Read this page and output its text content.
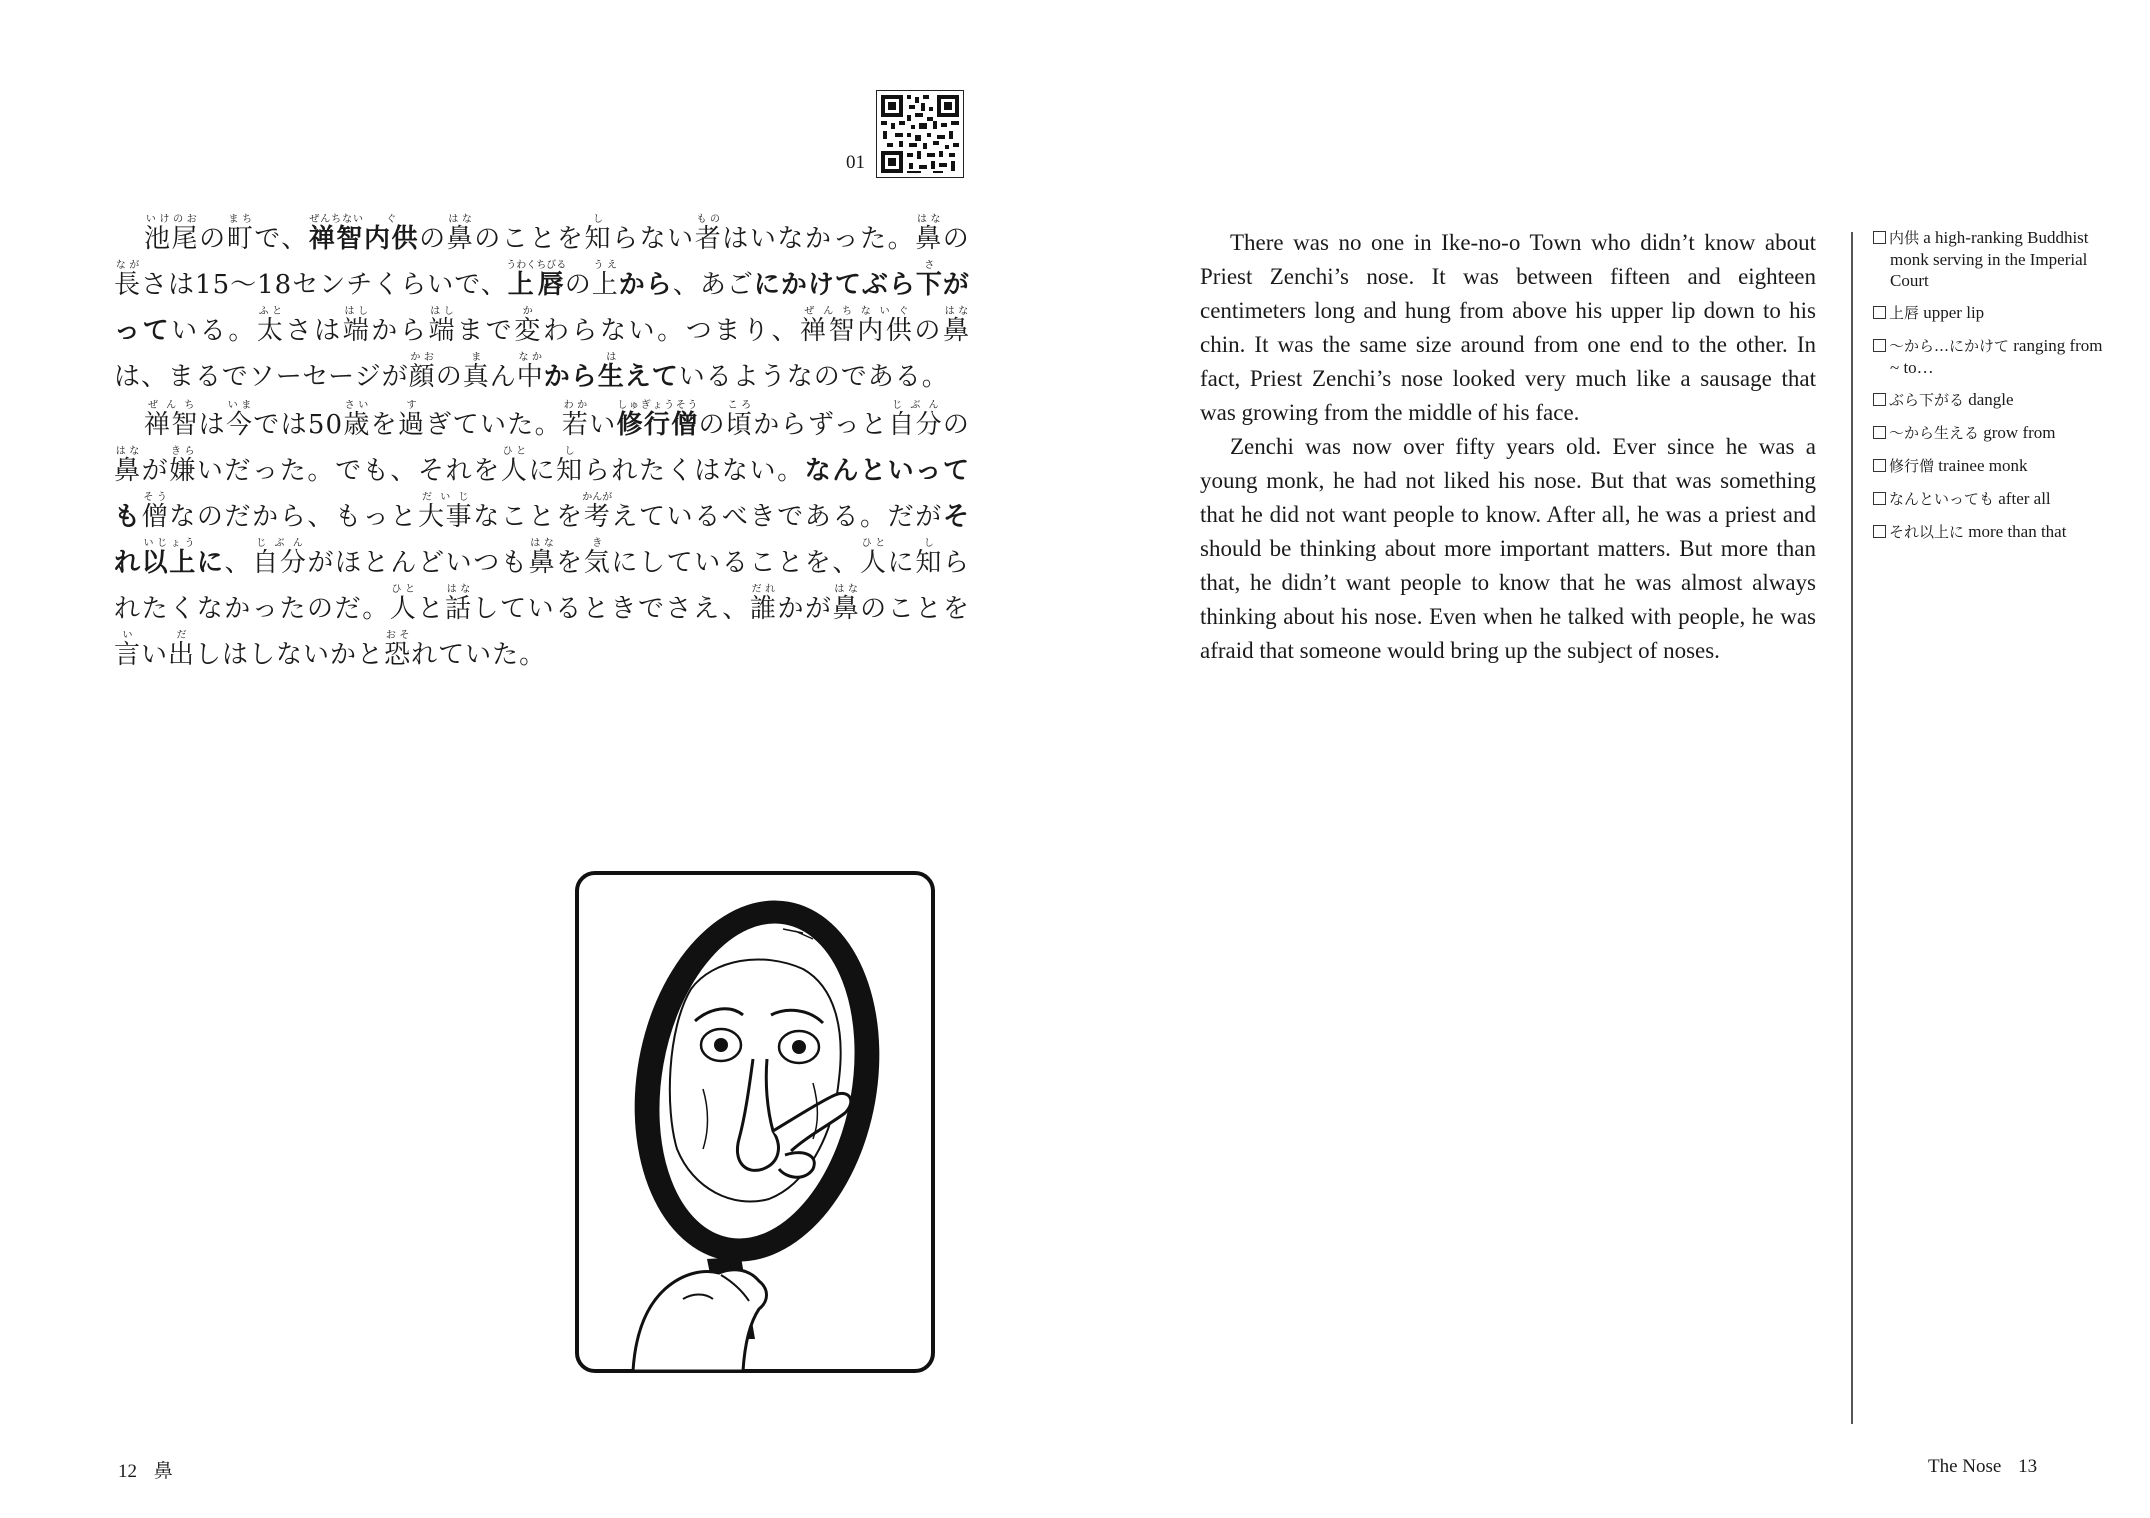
01

池尾いけのおの町まちで、禅智ぜんちない内供ぐの鼻はなのことを知しらない者ものはいなかった。鼻はなの長ながさは15〜18センチくらいで、上唇うわくちびるの上うえから、あごにかけてぶら下さがっている。太ふとさは端はしから端はしまで変かわらない。つまり、禅智内供ぜんちないぐの鼻はなは、まるでソーセージが顔かおの真まん中なかから生はえているようなのである。

禅智ぜんちは今いまでは50歳さいを過すぎていた。若わかい修行僧しゅぎょうそうの頃ころからずっと自分じぶんの鼻はなが嫌きらいだった。でも、それを人ひとに知しられたくはない。なんといっても僧そうなのだから、もっと大事だいじなことを考かんがえているべきである。だがそれ以上いじょうに、自分じぶんがほとんどいつも鼻はなを気きにしていることを、人ひとに知しられたくなかったのだ。人ひとと話はなしているときでさえ、誰だれかが鼻はなのことを言いい出だしはしないかと恐おそれていた。

There was no one in Ike-no-o Town who didn’t know about Priest Zenchi’s nose. It was between fifteen and eighteen centimeters long and hung from above his upper lip down to his chin. It was the same size around from one end to the other. In fact, Priest Zenchi’s nose looked very much like a sausage that was growing from the middle of his face.

Zenchi was now over fifty years old. Ever since he was a young monk, he had not liked his nose. But that was something that he did not want people to know. After all, he was a priest and should be thinking about more important matters. But more than that, he didn’t want people to know that he was almost always thinking about his nose. Even when he talked with people, he was afraid that someone would bring up the subject of noses.

内供 a high-ranking Buddhist monk serving in the Imperial Court
上唇 upper lip
〜から…にかけて ranging from ~ to…
ぶら下がる dangle
〜から生える grow from
修行僧 trainee monk
なんといっても after all
それ以上に more than that
12 鼻	The Nose 13
